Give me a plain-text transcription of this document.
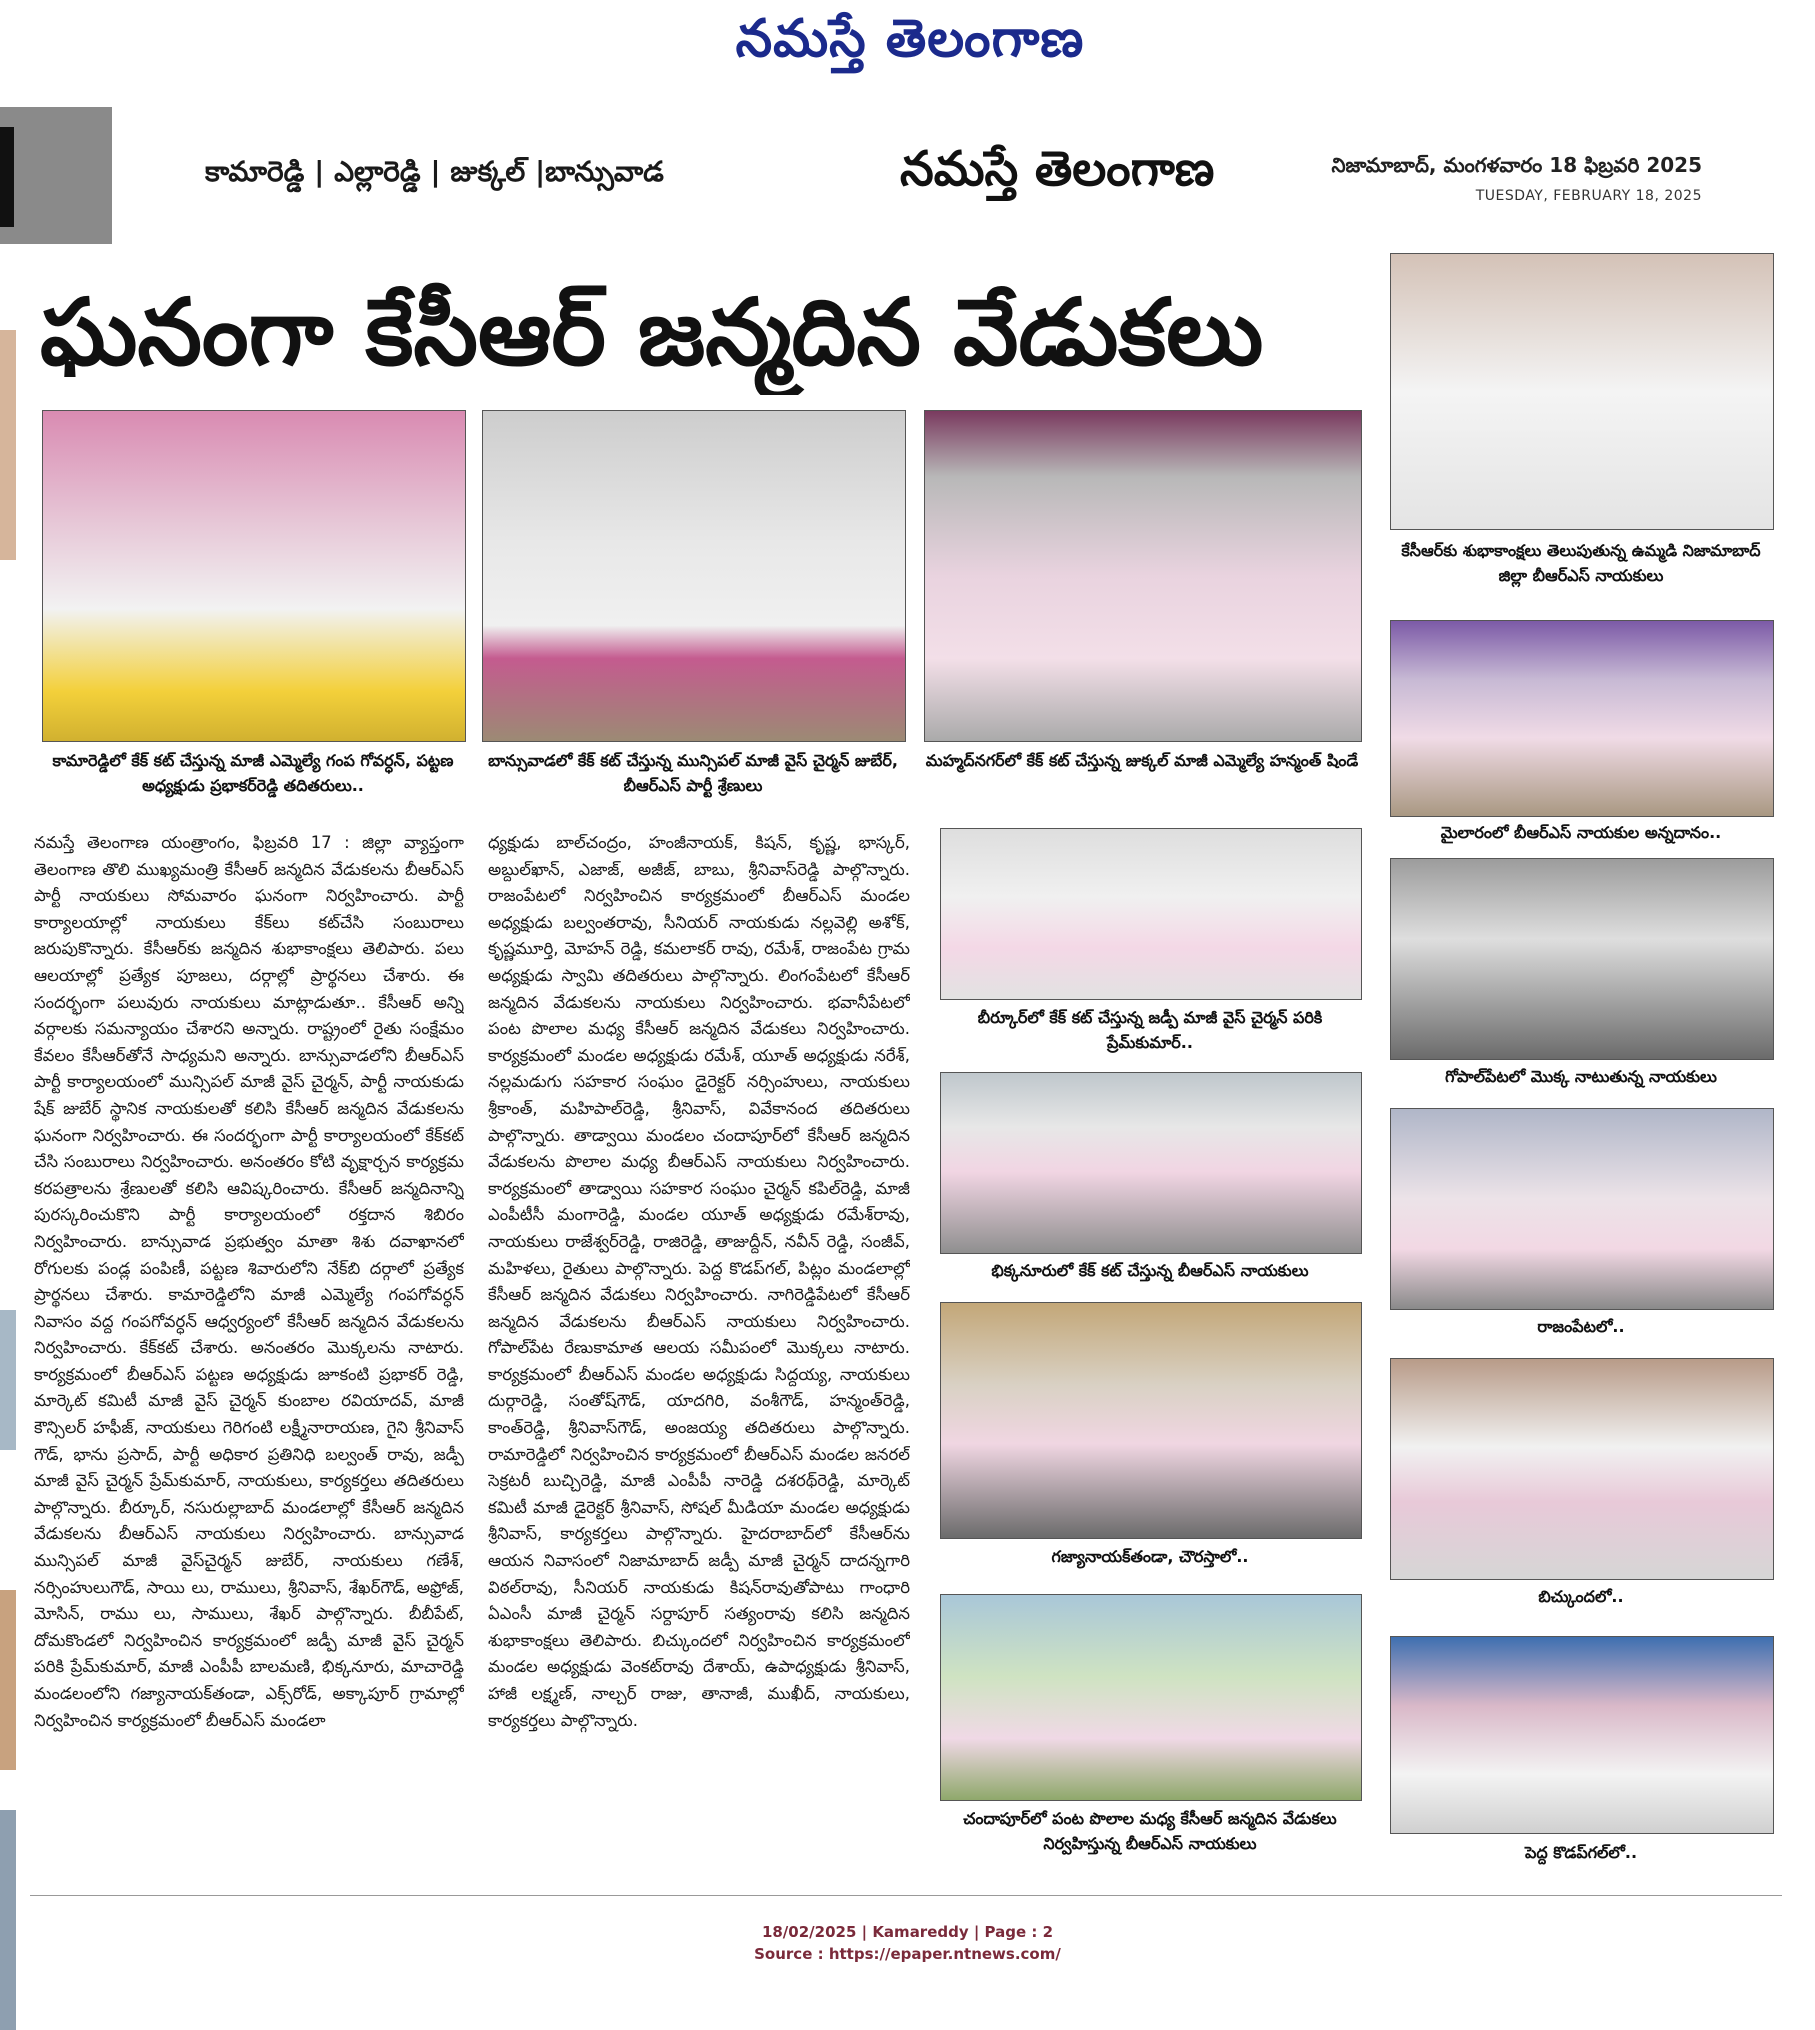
నమస్తే తెలంగాణ
కామారెడ్డి | ఎల్లారెడ్డి | జుక్కల్ |బాన్సువాడ	నమస్తే తెలంగాణ	నిజామాబాద్, మంగళవారం 18 ఫిబ్రవరి 2025
TUESDAY, FEBRUARY 18, 2025
ఘనంగా కేసీఆర్ జన్మదిన వేడుకలు
కామారెడ్డిలో కేక్ కట్ చేస్తున్న మాజీ ఎమ్మెల్యే గంప గోవర్ధన్, పట్టణ అధ్యక్షుడు ప్రభాకర్‌రెడ్డి తదితరులు..
బాన్సువాడలో కేక్ కట్ చేస్తున్న మున్సిపల్ మాజీ వైస్ చైర్మన్ జుబేర్, బీఆర్ఎస్ పార్టీ శ్రేణులు
మహ్మద్‌నగర్‌లో కేక్ కట్ చేస్తున్న జుక్కల్ మాజీ ఎమ్మెల్యే హన్మంత్ షిండే
కేసీఆర్‌కు శుభాకాంక్షలు తెలుపుతున్న ఉమ్మడి నిజామాబాద్ జిల్లా బీఆర్ఎస్ నాయకులు
మైలారంలో బీఆర్ఎస్ నాయకుల అన్నదానం..
గోపాల్‌పేటలో మొక్క నాటుతున్న నాయకులు
రాజంపేటలో..
బిచ్కుందలో..
పెద్ద కొడప్‌గల్‌లో..
బీర్కూర్‌లో కేక్ కట్ చేస్తున్న జడ్పీ మాజీ వైస్ చైర్మన్ పరికి ప్రేమ్‌కుమార్..
భిక్కనూరులో కేక్ కట్ చేస్తున్న బీఆర్ఎస్ నాయకులు
గజ్యానాయక్‌తండా, చౌరస్తాలో..
చందాపూర్‌లో పంట పొలాల మధ్య కేసీఆర్ జన్మదిన వేడుకలు నిర్వహిస్తున్న బీఆర్ఎస్ నాయకులు
నమస్తే తెలంగాణ యంత్రాంగం, ఫిబ్రవరి 17 : జిల్లా వ్యాప్తంగా తెలంగాణ తొలి ముఖ్యమంత్రి కేసీఆర్ జన్మదిన వేడుకలను బీఆర్ఎస్ పార్టీ నాయకులు సోమవారం ఘనంగా నిర్వహించారు. పార్టీ కార్యాలయాల్లో నాయకులు కేక్‌లు కట్‌చేసి సంబురాలు జరుపుకొన్నారు. కేసీఆర్‌కు జన్మదిన శుభాకాంక్షలు తెలిపారు. పలు ఆలయాల్లో ప్రత్యేక పూజలు, దర్గాల్లో ప్రార్థనలు చేశారు. ఈ సందర్భంగా పలువురు నాయకులు మాట్లాడుతూ.. కేసీఆర్ అన్ని వర్గాలకు సమన్యాయం చేశారని అన్నారు. రాష్ట్రంలో రైతు సంక్షేమం కేవలం కేసీఆర్‌తోనే సాధ్యమని అన్నారు. బాన్సువాడలోని బీఆర్ఎస్ పార్టీ కార్యాలయంలో మున్సిపల్ మాజీ వైస్ చైర్మన్, పార్టీ నాయకుడు షేక్ జుబేర్ స్థానిక నాయకులతో కలిసి కేసీఆర్ జన్మదిన వేడుకలను ఘనంగా నిర్వహించారు. ఈ సందర్భంగా పార్టీ కార్యాలయంలో కేక్‌కట్ చేసి సంబురాలు నిర్వహించారు. అనంతరం కోటి వృక్షార్చన కార్యక్రమ కరపత్రాలను శ్రేణులతో కలిసి ఆవిష్కరించారు. కేసీఆర్ జన్మదినాన్ని పురస్కరించుకొని పార్టీ కార్యాలయంలో రక్తదాన శిబిరం నిర్వహించారు. బాన్సువాడ ప్రభుత్వం మాతా శిశు దవాఖానలో రోగులకు పండ్ల పంపిణీ, పట్టణ శివారులోని నేక్‌బి దర్గాలో ప్రత్యేక ప్రార్థనలు చేశారు. కామారెడ్డిలోని మాజీ ఎమ్మెల్యే గంపగోవర్ధన్ నివాసం వద్ద గంపగోవర్ధన్ ఆధ్వర్యంలో కేసీఆర్ జన్మదిన వేడుకలను నిర్వహించారు. కేక్‌కట్ చేశారు. అనంతరం మొక్కలను నాటారు. కార్యక్రమంలో బీఆర్ఎస్ పట్టణ అధ్యక్షుడు జూకంటి ప్రభాకర్ రెడ్డి, మార్కెట్ కమిటీ మాజీ వైస్ చైర్మన్ కుంబాల రవియాదవ్, మాజీ కౌన్సిలర్ హఫీజ్, నాయకులు గెరిగంటి లక్ష్మీనారాయణ, గైని శ్రీనివాస్ గౌడ్, భాను ప్రసాద్, పార్టీ అధికార ప్రతినిధి బల్వంత్ రావు, జడ్పీ మాజీ వైస్ చైర్మన్ ప్రేమ్‌కుమార్, నాయకులు, కార్యకర్తలు తదితరులు పాల్గొన్నారు. బీర్కూర్, నసురుల్లాబాద్ మండలాల్లో కేసీఆర్ జన్మదిన వేడుకలను బీఆర్ఎస్ నాయకులు నిర్వహించారు. బాన్సువాడ మున్సిపల్ మాజీ వైస్‌చైర్మన్ జుబేర్, నాయకులు గణేశ్, నర్సింహులుగౌడ్, సాయి లు, రాములు, శ్రీనివాస్, శేఖర్‌గౌడ్, అఫ్రోజ్, మోసిన్, రాము లు, సాములు, శేఖర్ పాల్గొన్నారు. బీబీపేట్, దోమకొండలో నిర్వహించిన కార్యక్రమంలో జడ్పీ మాజీ వైస్ చైర్మన్ పరికి ప్రేమ్‌కుమార్, మాజీ ఎంపీపీ బాలమణి, భిక్కనూరు, మాచారెడ్డి మండలంలోని గజ్యానాయక్‌తండా, ఎక్స్‌రోడ్, అక్కాపూర్ గ్రామాల్లో నిర్వహించిన కార్యక్రమంలో బీఆర్ఎస్ మండలా
ధ్యక్షుడు బాల్‌చంద్రం, హంజీనాయక్, కిషన్, కృష్ణ, భాస్కర్, అబ్దుల్‌ఖాన్, ఎజాజ్, అజీజ్, బాబు, శ్రీనివాస్‌రెడ్డి పాల్గొన్నారు. రాజంపేటలో నిర్వహించిన కార్యక్రమంలో బీఆర్ఎస్ మండల అధ్యక్షుడు బల్వంతరావు, సీనియర్ నాయకుడు నల్లవెల్లి అశోక్, కృష్ణమూర్తి, మోహన్ రెడ్డి, కమలాకర్ రావు, రమేశ్, రాజంపేట గ్రామ అధ్యక్షుడు స్వామి తదితరులు పాల్గొన్నారు. లింగంపేటలో కేసీఆర్ జన్మదిన వేడుకలను నాయకులు నిర్వహించారు. భవానీపేటలో పంట పొలాల మధ్య కేసీఆర్ జన్మదిన వేడుకలు నిర్వహించారు. కార్యక్రమంలో మండల అధ్యక్షుడు రమేశ్, యూత్ అధ్యక్షుడు నరేశ్, నల్లమడుగు సహకార సంఘం డైరెక్టర్ నర్సింహులు, నాయకులు శ్రీకాంత్, మహిపాల్‌రెడ్డి, శ్రీనివాస్, వివేకానంద తదితరులు పాల్గొన్నారు. తాడ్వాయి మండలం చందాపూర్‌లో కేసీఆర్ జన్మదిన వేడుకలను పొలాల మధ్య బీఆర్ఎస్ నాయకులు నిర్వహించారు. కార్యక్రమంలో తాడ్వాయి సహకార సంఘం చైర్మన్ కపిల్‌రెడ్డి, మాజీ ఎంపీటీసీ మంగారెడ్డి, మండల యూత్ అధ్యక్షుడు రమేశ్‌రావు, నాయకులు రాజేశ్వర్‌రెడ్డి, రాజిరెడ్డి, తాజుద్దీన్, నవీన్ రెడ్డి, సంజీవ్, మహిళలు, రైతులు పాల్గొన్నారు. పెద్ద కొడప్‌గల్, పిట్లం మండలాల్లో కేసీఆర్ జన్మదిన వేడుకలు నిర్వహించారు. నాగిరెడ్డిపేటలో కేసీఆర్ జన్మదిన వేడుకలను బీఆర్ఎస్ నాయకులు నిర్వహించారు. గోపాల్‌పేట రేణుకామాత ఆలయ సమీపంలో మొక్కలు నాటారు. కార్యక్రమంలో బీఆర్ఎస్ మండల అధ్యక్షుడు సిద్దయ్య, నాయకులు దుర్గారెడ్డి, సంతోష్‌గౌడ్, యాదగిరి, వంశీగౌడ్, హన్మంత్‌రెడ్డి, కాంత్‌రెడ్డి, శ్రీనివాస్‌గౌడ్, అంజయ్య తదితరులు పాల్గొన్నారు. రామారెడ్డిలో నిర్వహించిన కార్యక్రమంలో బీఆర్ఎస్ మండల జనరల్ సెక్రటరీ బుచ్చిరెడ్డి, మాజీ ఎంపీపీ నారెడ్డి దశరథ్‌రెడ్డి, మార్కెట్ కమిటీ మాజీ డైరెక్టర్ శ్రీనివాస్, సోషల్ మీడియా మండల అధ్యక్షుడు శ్రీనివాస్, కార్యకర్తలు పాల్గొన్నారు. హైదరాబాద్‌లో కేసీఆర్‌ను ఆయన నివాసంలో నిజామాబాద్ జడ్పీ మాజీ చైర్మన్ దాదన్నగారి విఠల్‌రావు, సీనియర్ నాయకుడు కిషన్‌రావుతోపాటు గాంధారి ఏఎంసీ మాజీ చైర్మన్ సర్దాపూర్ సత్యంరావు కలిసి జన్మదిన శుభాకాంక్షలు తెలిపారు. బిచ్కుందలో నిర్వహించిన కార్యక్రమంలో మండల అధ్యక్షుడు వెంకట్‌రావు దేశాయ్, ఉపాధ్యక్షుడు శ్రీనివాస్, హాజీ లక్ష్మణ్, నాల్చర్ రాజు, తానాజీ, ముఖీద్, నాయకులు, కార్యకర్తలు పాల్గొన్నారు.
18/02/2025 | Kamareddy | Page : 2
Source : https://epaper.ntnews.com/
